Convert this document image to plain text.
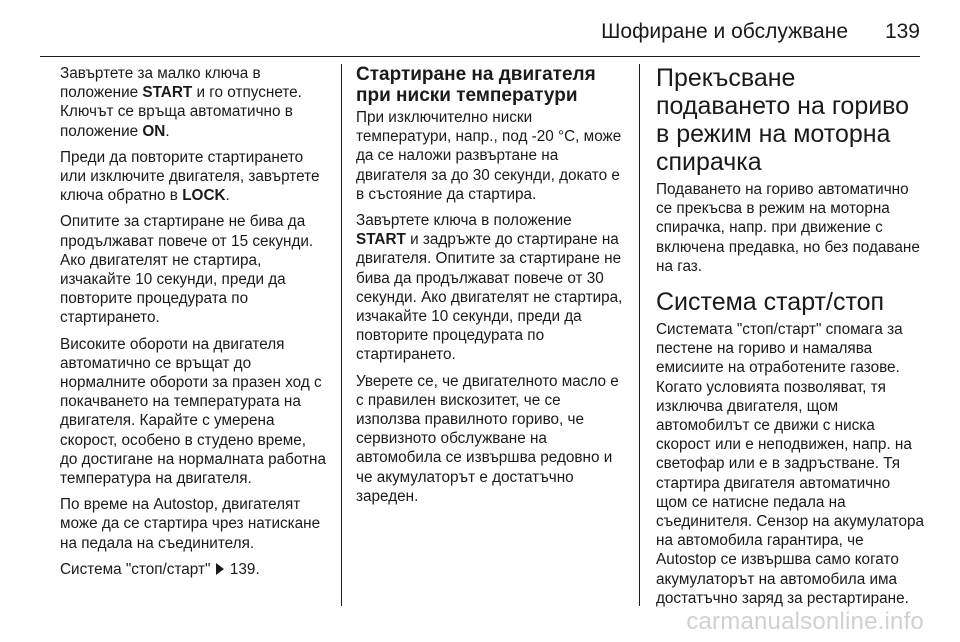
Шофиране и обслужване 139

Завъртете за малко ключа в положение START и го отпуснете. Ключът се връща автоматично в положение ON.

Преди да повторите стартирането или изключите двигателя, завъртете ключа обратно в LOCK.

Опитите за стартиране не бива да продължават повече от 15 секунди. Ако двигателят не стартира, изчакайте 10 секунди, преди да повторите процедурата по стартирането.

Високите обороти на двигателя автоматично се връщат до нормалните обороти за празен ход с покачването на температурата на двигателя. Карайте с умерена скорост, особено в студено време, до достигане на нормалната работна температура на двигателя.

По време на Autostop, двигателят може да се стартира чрез натискане на педала на съединителя.

Система "стоп/старт"  139.

Стартиране на двигателя при ниски температури

При изключително ниски температури, напр., под -20 °C, може да се наложи развъртане на двигателя за до 30 секунди, докато е в състояние да стартира.

Завъртете ключа в положение START и задръжте до стартиране на двигателя. Опитите за стартиране не бива да продължават повече от 30 секунди. Ако двигателят не стартира, изчакайте 10 секунди, преди да повторите процедурата по стартирането.

Уверете се, че двигателното масло е с правилен вискозитет, че се използва правилното гориво, че сервизното обслужване на автомобила се извършва редовно и че акумулаторът е достатъчно зареден.

Прекъсване подаването на гориво в режим на моторна спирачка

Подаването на гориво автоматично се прекъсва в режим на моторна спирачка, напр. при движение с включена предавка, но без подаване на газ.

Система старт/стоп

Системата "стоп/старт" спомага за пестене на гориво и намалява емисиите на отработените газове. Когато условията позволяват, тя изключва двигателя, щом автомобилът се движи с ниска скорост или е неподвижен, напр. на светофар или е в задръстване. Тя стартира двигателя автоматично щом се натисне педала на съединителя. Сензор на акумулатора на автомобила гарантира, че Autostop се извършва само когато акумулаторът на автомобила има достатъчно заряд за рестартиране.

carmanualsonline.info
